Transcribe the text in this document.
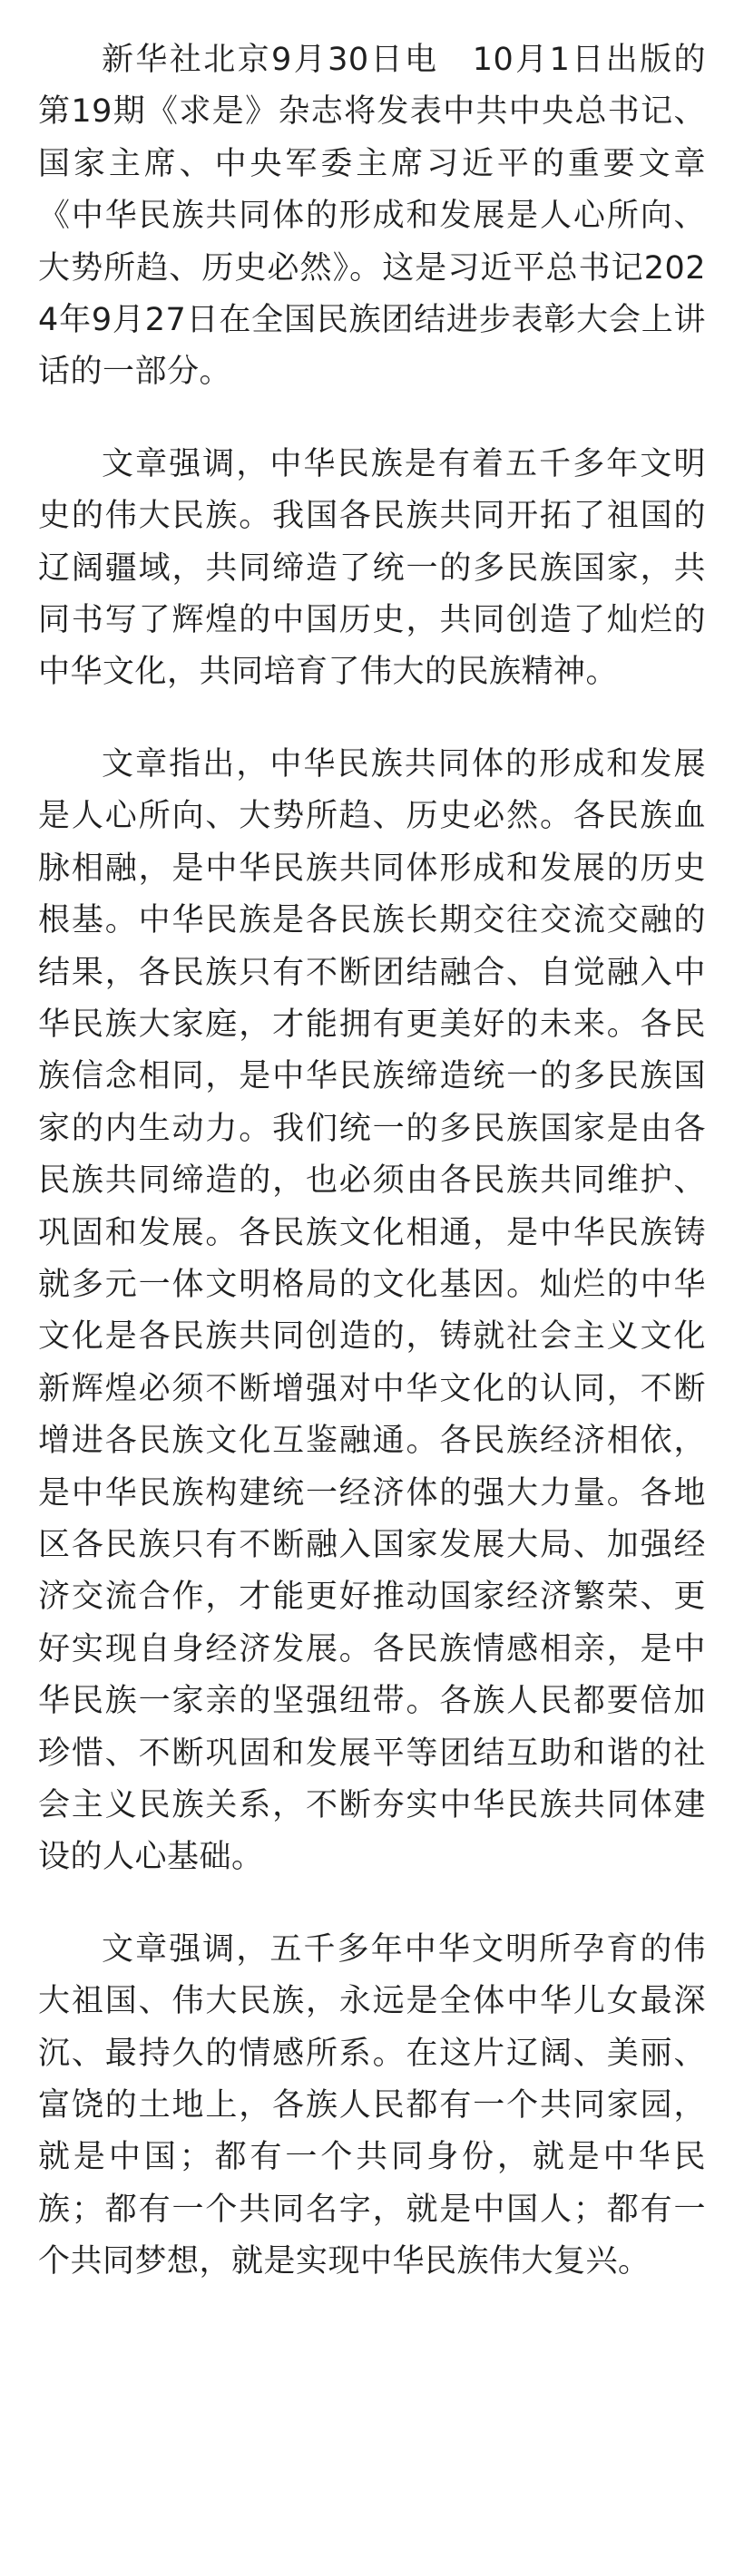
新华社北京9月30日电　10月1日出版的第19期《求是》杂志将发表中共中央总书记、国家主席、中央军委主席习近平的重要文章《中华民族共同体的形成和发展是人心所向、大势所趋、历史必然》。这是习近平总书记2024年9月27日在全国民族团结进步表彰大会上讲话的一部分。

文章强调，中华民族是有着五千多年文明史的伟大民族。我国各民族共同开拓了祖国的辽阔疆域，共同缔造了统一的多民族国家，共同书写了辉煌的中国历史，共同创造了灿烂的中华文化，共同培育了伟大的民族精神。

文章指出，中华民族共同体的形成和发展是人心所向、大势所趋、历史必然。各民族血脉相融，是中华民族共同体形成和发展的历史根基。中华民族是各民族长期交往交流交融的结果，各民族只有不断团结融合、自觉融入中华民族大家庭，才能拥有更美好的未来。各民族信念相同，是中华民族缔造统一的多民族国家的内生动力。我们统一的多民族国家是由各民族共同缔造的，也必须由各民族共同维护、巩固和发展。各民族文化相通，是中华民族铸就多元一体文明格局的文化基因。灿烂的中华文化是各民族共同创造的，铸就社会主义文化新辉煌必须不断增强对中华文化的认同，不断增进各民族文化互鉴融通。各民族经济相依，是中华民族构建统一经济体的强大力量。各地区各民族只有不断融入国家发展大局、加强经济交流合作，才能更好推动国家经济繁荣、更好实现自身经济发展。各民族情感相亲，是中华民族一家亲的坚强纽带。各族人民都要倍加珍惜、不断巩固和发展平等团结互助和谐的社会主义民族关系，不断夯实中华民族共同体建设的人心基础。

文章强调，五千多年中华文明所孕育的伟大祖国、伟大民族，永远是全体中华儿女最深沉、最持久的情感所系。在这片辽阔、美丽、富饶的土地上，各族人民都有一个共同家园，就是中国；都有一个共同身份，就是中华民族；都有一个共同名字，就是中国人；都有一个共同梦想，就是实现中华民族伟大复兴。
